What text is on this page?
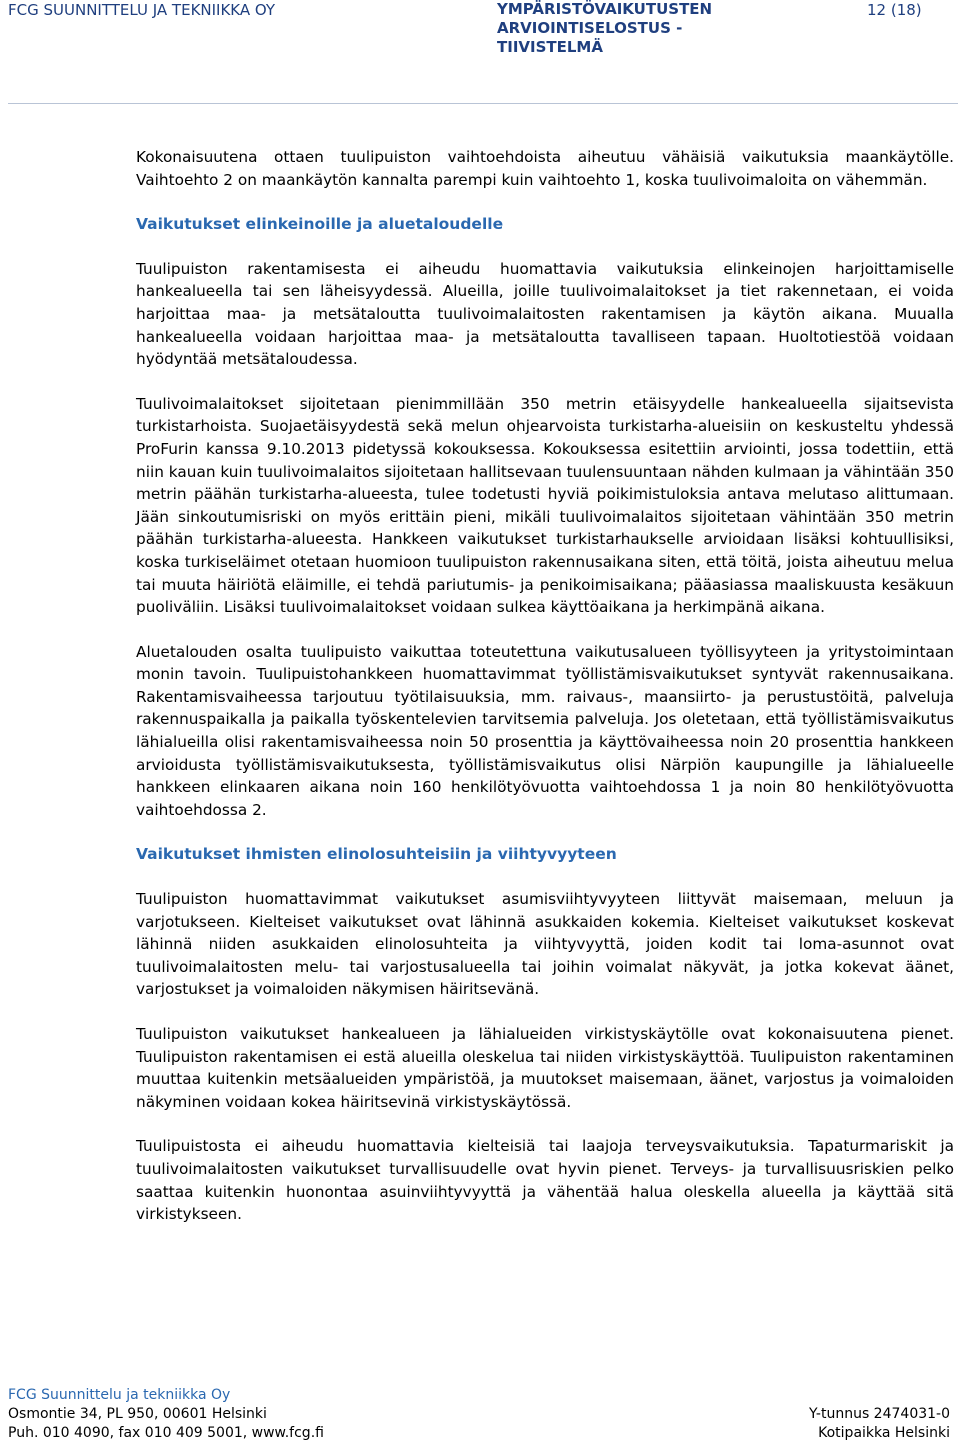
FCG SUUNNITTELU JA TEKNIIKKA OY	YMPÄRISTÖVAIKUTUSTEN
ARVIOINTISELOSTUS -
TIIVISTELMÄ
12 (18)

Kokonaisuutena ottaen tuulipuiston vaihtoehdoista aiheutuu vähäisiä vaikutuksia maankäytölle. Vaihtoehto 2 on maankäytön kannalta parempi kuin vaihtoehto 1, koska tuulivoimaloita on vähemmän.

Vaikutukset elinkeinoille ja aluetaloudelle

Tuulipuiston rakentamisesta ei aiheudu huomattavia vaikutuksia elinkeinojen harjoittamiselle hankealueella tai sen läheisyydessä. Alueilla, joille tuulivoimalaitokset ja tiet rakennetaan, ei voida harjoittaa maa- ja metsätaloutta tuulivoimalaitosten rakentamisen ja käytön aikana. Muualla hankealueella voidaan harjoittaa maa- ja metsätaloutta tavalliseen tapaan. Huoltotiestöä voidaan hyödyntää metsätaloudessa.

Tuulivoimalaitokset sijoitetaan pienimmillään 350 metrin etäisyydelle hankealueella sijaitsevista turkistarhoista. Suojaetäisyydestä sekä melun ohjearvoista turkistarha-alueisiin on keskusteltu yhdessä ProFurin kanssa 9.10.2013 pidetyssä kokouksessa. Kokouksessa esitettiin arviointi, jossa todettiin, että niin kauan kuin tuulivoimalaitos sijoitetaan hallitsevaan tuulensuuntaan nähden kulmaan ja vähintään 350 metrin päähän turkistarha-alueesta, tulee todetusti hyviä poikimistuloksia antava melutaso alittumaan. Jään sinkoutumisriski on myös erittäin pieni, mikäli tuulivoimalaitos sijoitetaan vähintään 350 metrin päähän turkistarha-alueesta. Hankkeen vaikutukset turkistarhaukselle arvioidaan lisäksi kohtuullisiksi, koska turkiseläimet otetaan huomioon tuulipuiston rakennusaikana siten, että töitä, joista aiheutuu melua tai muuta häiriötä eläimille, ei tehdä pariutumis- ja penikoimisaikana; pääasiassa maaliskuusta kesäkuun puoliväliin. Lisäksi tuulivoimalaitokset voidaan sulkea käyttöaikana ja herkimpänä aikana.

Aluetalouden osalta tuulipuisto vaikuttaa toteutettuna vaikutusalueen työllisyyteen ja yritystoimintaan monin tavoin. Tuulipuistohankkeen huomattavimmat työllistämisvaikutukset syntyvät rakennusaikana. Rakentamisvaiheessa tarjoutuu työtilaisuuksia, mm. raivaus-, maansiirto- ja perustustöitä, palveluja rakennuspaikalla ja paikalla työskentelevien tarvitsemia palveluja. Jos oletetaan, että työllistämisvaikutus lähialueilla olisi rakentamisvaiheessa noin 50 prosenttia ja käyttövaiheessa noin 20 prosenttia hankkeen arvioidusta työllistämisvaikutuksesta, työllistämisvaikutus olisi Närpiön kaupungille ja lähialueelle hankkeen elinkaaren aikana noin 160 henkilötyövuotta vaihtoehdossa 1 ja noin 80 henkilötyövuotta vaihtoehdossa 2.

Vaikutukset ihmisten elinolosuhteisiin ja viihtyvyyteen

Tuulipuiston huomattavimmat vaikutukset asumisviihtyvyyteen liittyvät maisemaan, meluun ja varjotukseen. Kielteiset vaikutukset ovat lähinnä asukkaiden kokemia. Kielteiset vaikutukset koskevat lähinnä niiden asukkaiden elinolosuhteita ja viihtyvyyttä, joiden kodit tai loma-asunnot ovat tuulivoimalaitosten melu- tai varjostusalueella tai joihin voimalat näkyvät, ja jotka kokevat äänet, varjostukset ja voimaloiden näkymisen häiritsevänä.

Tuulipuiston vaikutukset hankealueen ja lähialueiden virkistyskäytölle ovat kokonaisuutena pienet. Tuulipuiston rakentamisen ei estä alueilla oleskelua tai niiden virkistyskäyttöä. Tuulipuiston rakentaminen muuttaa kuitenkin metsäalueiden ympäristöä, ja muutokset maisemaan, äänet, varjostus ja voimaloiden näkyminen voidaan kokea häiritsevinä virkistyskäytössä.

Tuulipuistosta ei aiheudu huomattavia kielteisiä tai laajoja terveysvaikutuksia. Tapaturmariskit ja tuulivoimalaitosten vaikutukset turvallisuudelle ovat hyvin pienet. Terveys- ja turvallisuusriskien pelko saattaa kuitenkin huonontaa asuinviihtyvyyttä ja vähentää halua oleskella alueella ja käyttää sitä virkistykseen.

FCG Suunnittelu ja tekniikka Oy
Osmontie 34, PL 950, 00601 Helsinki
Puh. 010 4090, fax 010 409 5001, www.fcg.fi
Y-tunnus 2474031-0
Kotipaikka Helsinki
